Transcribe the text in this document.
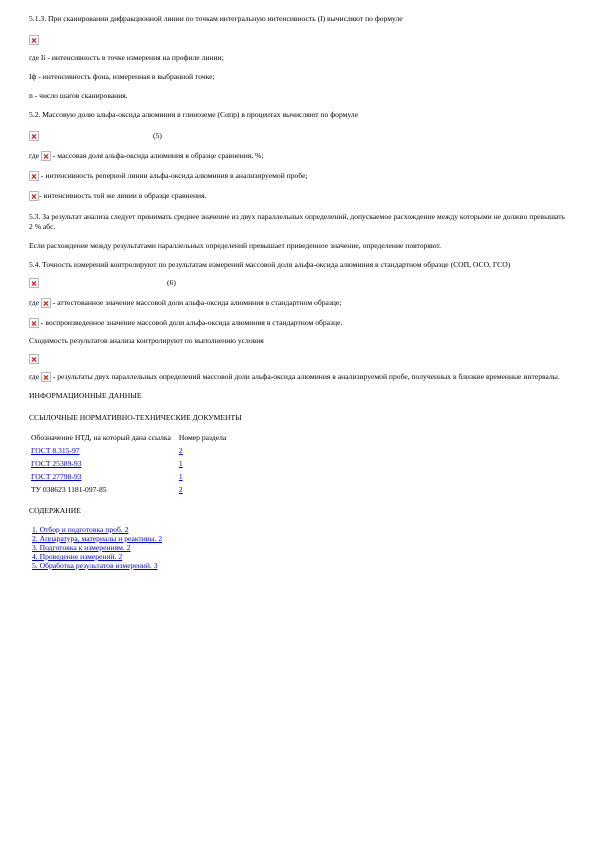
5.1.3. При сканировании дифракционной линии по точкам интегральную интенсивность (I) вычисляют по формуле

где Ii - интенсивность в точке измерения на профиле линии;

Iф - интенсивность фона, измеренная в выбранной точке;

n - число шагов сканирования.

5.2. Массовую долю альфа-оксида алюминия в глиноземе (Сαпр) в процентах вычисляют по формуле

(5)
где

- массовая доля альфа-оксида алюминия в образце сравнения, %;

- интенсивность реперной линии альфа-оксида алюминия в анализируемой пробе;
- интенсивность той же линии в образце сравнения.

5.3. За результат анализа следует принимать среднее значение из двух параллельных определений, допускаемое расхождение между которыми не должно превышать 2 % абс.

Если расхождение между результатами параллельных определений превышает приведенное значение, определение повторяют.

5.4. Точность измерений контролируют по результатам измерений массовой доли альфа-оксида алюминия в стандартном образце (СОП, ОСО, ГСО)

(6)
где

- аттестованное значение массовой доли альфа-оксида алюминия в стандартном образце;

- воспроизведенное значение массовой доли альфа-оксида алюминия в стандартном образце.

Сходимость результатов анализа контролируют по выполнению условия

где

- результаты двух параллельных определений массовой доли альфа-оксида алюминия в анализируемой пробе, полученных в близкие временные интервалы.

ИНФОРМАЦИОННЫЕ ДАННЫЕ

ССЫЛОЧНЫЕ НОРМАТИВНО-ТЕХНИЧЕСКИЕ ДОКУМЕНТЫ

Обозначение НТД, на который дана ссылка	Номер раздела
ГОСТ 8.315-97	2
ГОСТ 25389-93	1
ГОСТ 27798-93	1
ТУ 038623 1181-097-85	2

СОДЕРЖАНИЕ

1. Отбор и подготовка проб. 2
2. Аппаратура, материалы и реактивы. 2
3. Подготовка к измерениям. 2
4. Проведение измерений. 2
5. Обработка результатов измерений. 3
